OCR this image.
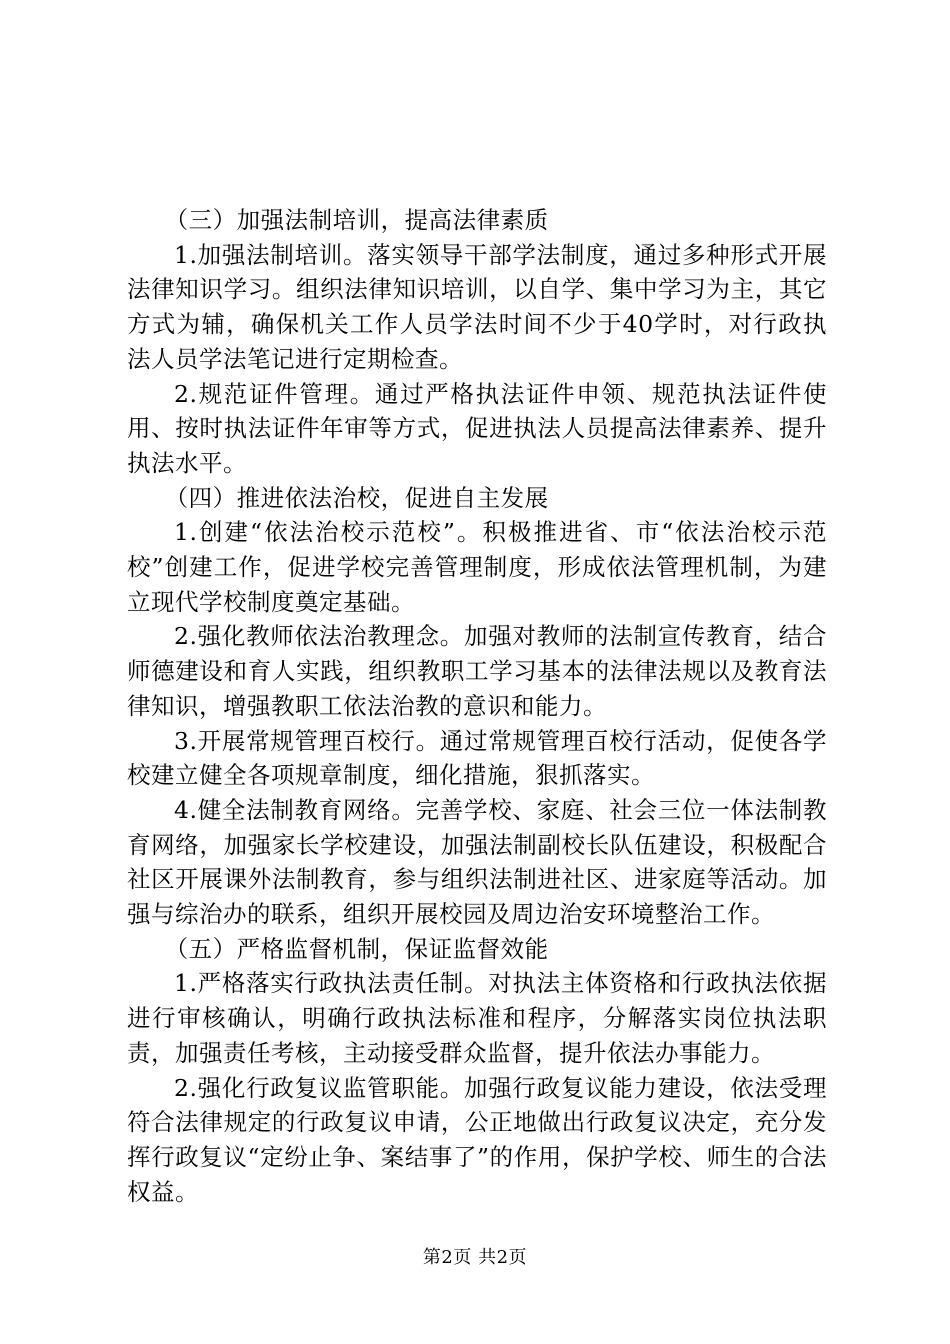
（三）加强法制培训，提高法律素质

1.加强法制培训。落实领导干部学法制度，通过多种形式开展法律知识学习。组织法律知识培训，以自学、集中学习为主，其它方式为辅，确保机关工作人员学法时间不少于40学时，对行政执法人员学法笔记进行定期检查。

2.规范证件管理。通过严格执法证件申领、规范执法证件使用、按时执法证件年审等方式，促进执法人员提高法律素养、提升执法水平。

（四）推进依法治校，促进自主发展

1.创建“依法治校示范校”。积极推进省、市“依法治校示范校”创建工作，促进学校完善管理制度，形成依法管理机制，为建立现代学校制度奠定基础。

2.强化教师依法治教理念。加强对教师的法制宣传教育，结合师德建设和育人实践，组织教职工学习基本的法律法规以及教育法律知识，增强教职工依法治教的意识和能力。

3.开展常规管理百校行。通过常规管理百校行活动，促使各学校建立健全各项规章制度，细化措施，狠抓落实。

4.健全法制教育网络。完善学校、家庭、社会三位一体法制教育网络，加强家长学校建设，加强法制副校长队伍建设，积极配合社区开展课外法制教育，参与组织法制进社区、进家庭等活动。加强与综治办的联系，组织开展校园及周边治安环境整治工作。

（五）严格监督机制，保证监督效能

1.严格落实行政执法责任制。对执法主体资格和行政执法依据进行审核确认，明确行政执法标准和程序，分解落实岗位执法职责，加强责任考核，主动接受群众监督，提升依法办事能力。

2.强化行政复议监管职能。加强行政复议能力建设，依法受理符合法律规定的行政复议申请，公正地做出行政复议决定，充分发挥行政复议“定纷止争、案结事了”的作用，保护学校、师生的合法权益。

第2页 共2页
